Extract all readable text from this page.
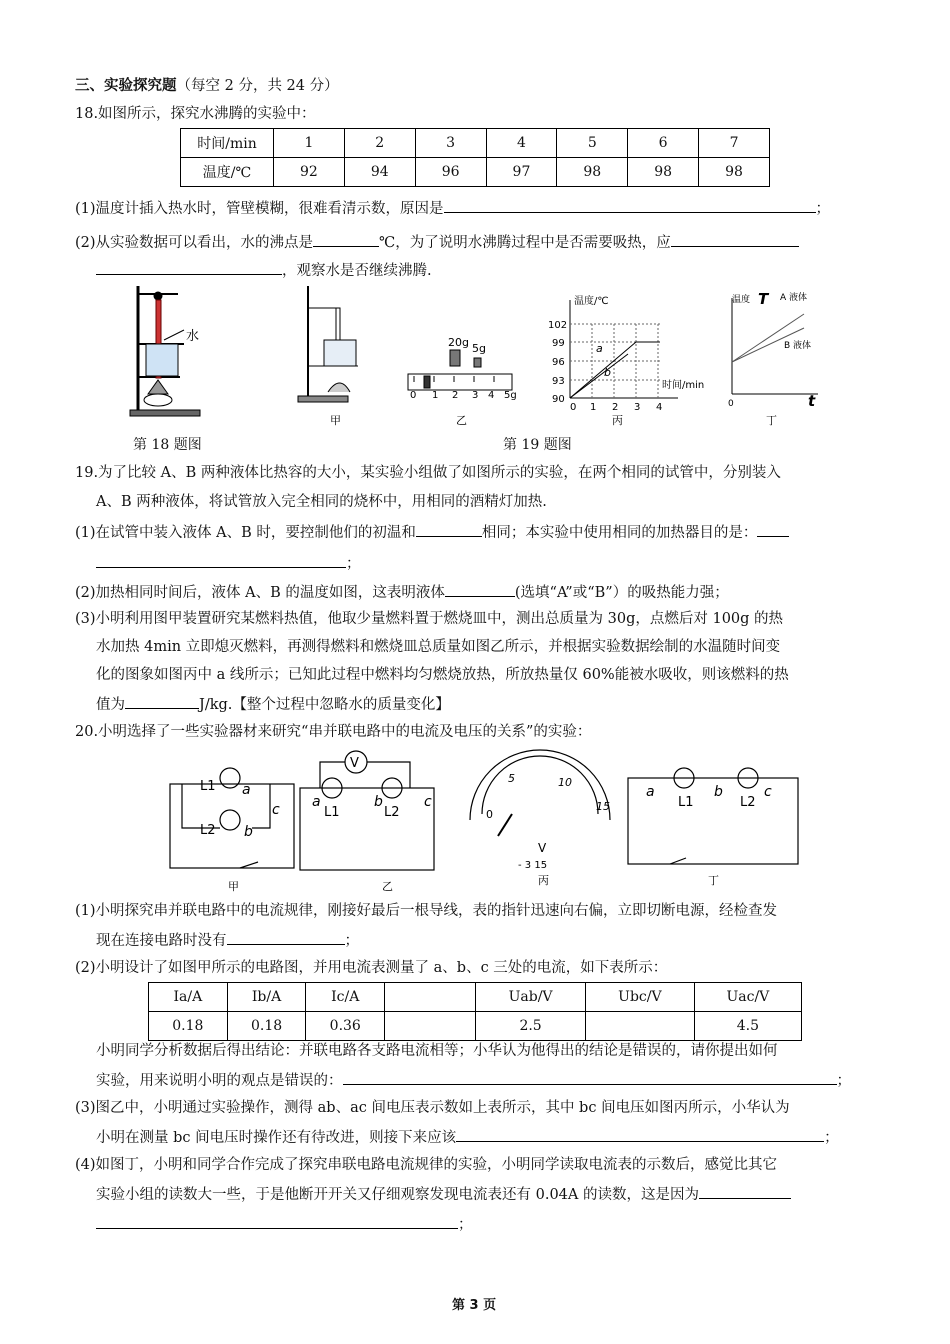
三、实验探究题（每空 2 分，共 24 分）
18.如图所示，探究水沸腾的实验中：
时间/min	1	2	3	4	5	6	7
温度/℃	92	94	96	97	98	98	98
(1)温度计插入热水时，管壁模糊，很难看清示数，原因是	；
(2)从实验数据可以看出，水的沸点是	℃，为了说明水沸腾过程中是否需要吸热，应
，观察水是否继续沸腾.
水
甲
20g 5g
0 1 2 3 4 5g
乙
温度/℃
时间/min
102
99
96
93
90
0 1 2 3 4
a
b
丙
温度 T A 液体
B 液体
0	t
丁
第 18 题图	第 19 题图
19.为了比较 A、B 两种液体比热容的大小，某实验小组做了如图所示的实验，在两个相同的试管中，分别装入
A、B 两种液体，将试管放入完全相同的烧杯中，用相同的酒精灯加热.
(1)在试管中装入液体 A、B 时，要控制他们的初温和	相同；本实验中使用相同的加热器目的是：
；
(2)加热相同时间后，液体 A、B 的温度如图，这表明液体	(选填“A”或“B”）的吸热能力强；
(3)小明利用图甲装置研究某燃料热值，他取少量燃料置于燃烧皿中，测出总质量为 30g，点燃后对 100g 的热
水加热 4min 立即熄灭燃料，再测得燃料和燃烧皿总质量如图乙所示，并根据实验数据绘制的水温随时间变
化的图象如图丙中 a 线所示；已知此过程中燃料均匀燃烧放热，所放热量仅 60%能被水吸收，则该燃料的热
值为	J/kg.【整个过程中忽略水的质量变化】
20.小明选择了一些实验器材来研究“串并联电路中的电流及电压的关系”的实验：
L1 a
L2 b
c
甲
V
a
L1
b
L2
c
乙
5	10
15
0
V
- 3 15
丙
a
L1
b
L2
c
丁
(1)小明探究串并联电路中的电流规律，刚接好最后一根导线，表的指针迅速向右偏，立即切断电源，经检查发
现在连接电路时没有	；
(2)小明设计了如图甲所示的电路图，并用电流表测量了 a、b、c 三处的电流，如下表所示：
Ia/A	Ib/A	Ic/A		Uab/V	Ubc/V	Uac/V
0.18	0.18	0.36		2.5		4.5
小明同学分析数据后得出结论：并联电路各支路电流相等；小华认为他得出的结论是错误的，请你提出如何
实验，用来说明小明的观点是错误的：	；
(3)图乙中，小明通过实验操作，测得 ab、ac 间电压表示数如上表所示，其中 bc 间电压如图丙所示，小华认为
小明在测量 bc 间电压时操作还有待改进，则接下来应该	；
(4)如图丁，小明和同学合作完成了探究串联电路电流规律的实验，小明同学读取电流表的示数后，感觉比其它
实验小组的读数大一些，于是他断开开关又仔细观察发现电流表还有 0.04A 的读数，这是因为
；
第 3 页
